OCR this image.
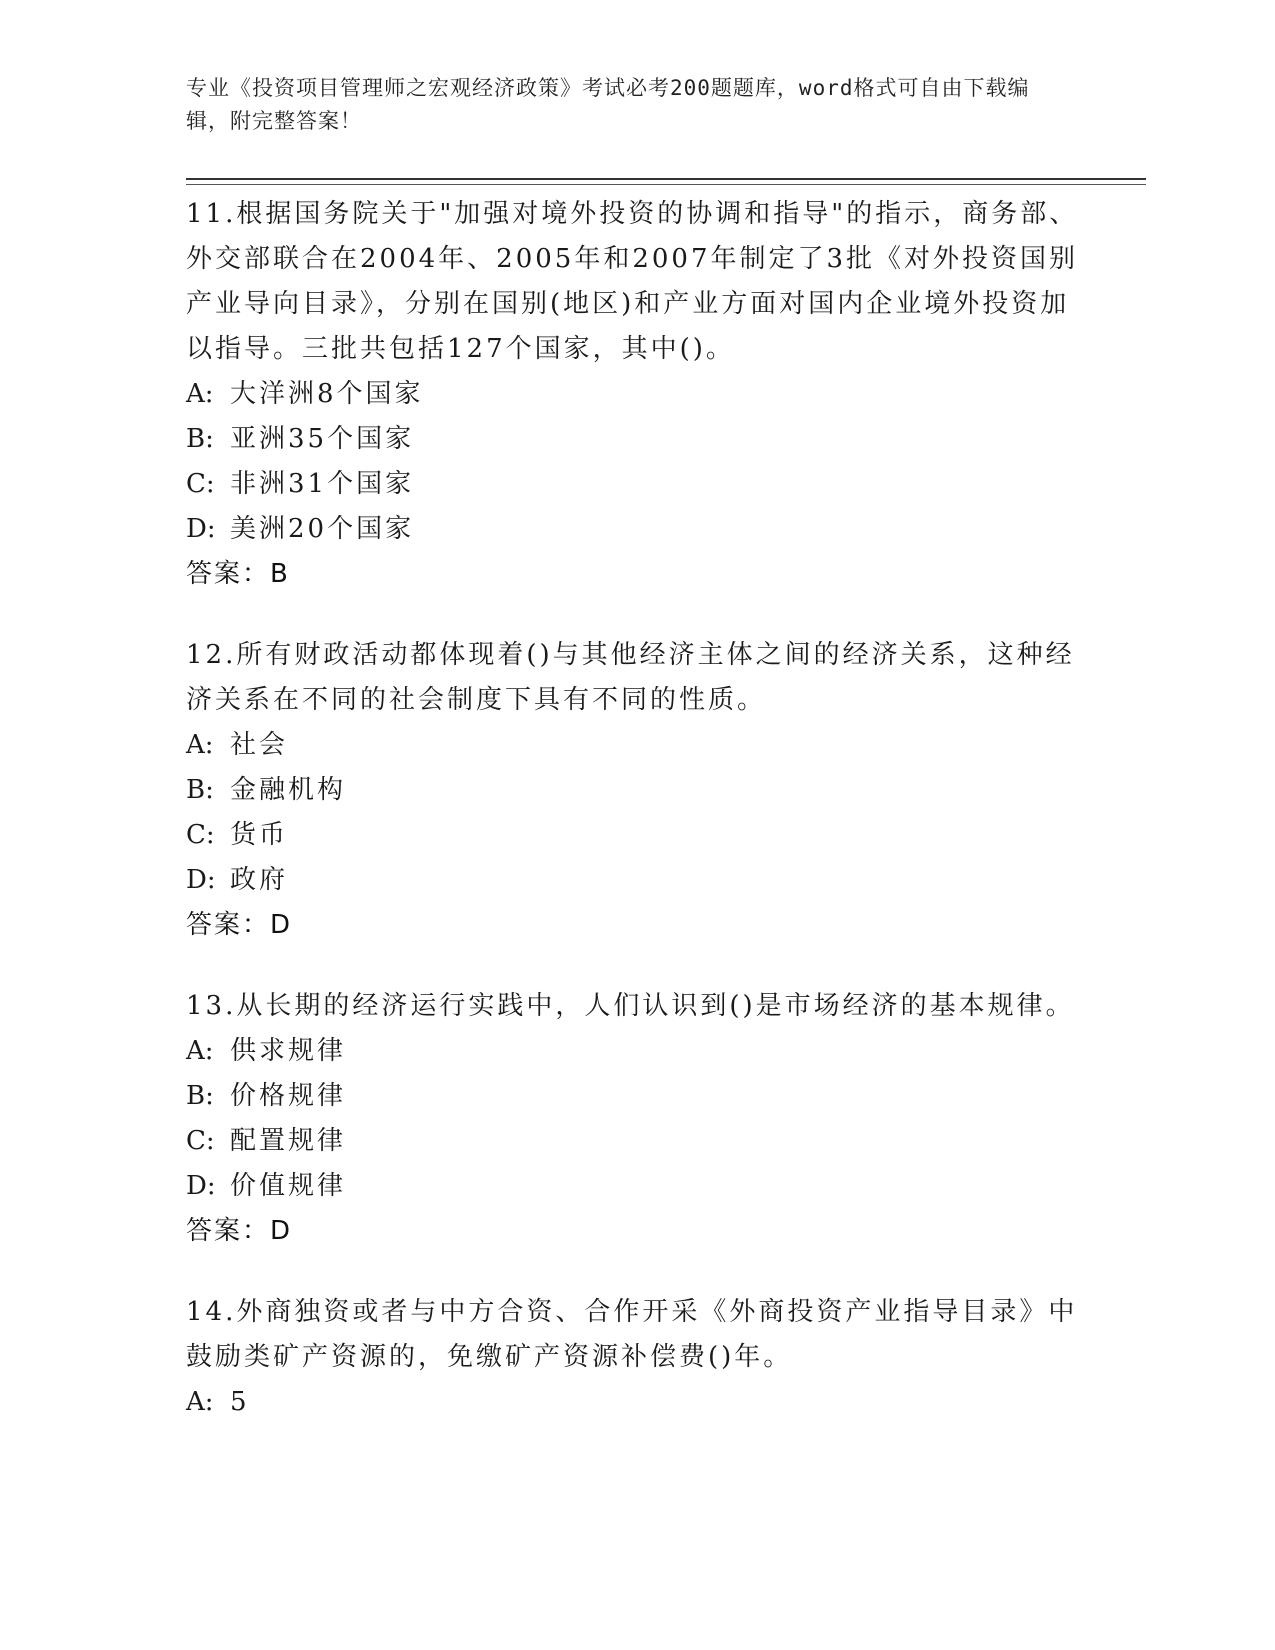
专业《投资项目管理师之宏观经济政策》考试必考200题题库，word格式可自由下载编辑，附完整答案！
11.根据国务院关于"加强对境外投资的协调和指导"的指示，商务部、外交部联合在2004年、2005年和2007年制定了3批《对外投资国别产业导向目录》，分别在国别(地区)和产业方面对国内企业境外投资加以指导。三批共包括127个国家，其中()。
A: 大洋洲8个国家
B: 亚洲35个国家
C: 非洲31个国家
D: 美洲20个国家
答案：B
12.所有财政活动都体现着()与其他经济主体之间的经济关系，这种经济关系在不同的社会制度下具有不同的性质。
A: 社会
B: 金融机构
C: 货币
D: 政府
答案：D
13.从长期的经济运行实践中，人们认识到()是市场经济的基本规律。
A: 供求规律
B: 价格规律
C: 配置规律
D: 价值规律
答案：D
14.外商独资或者与中方合资、合作开采《外商投资产业指导目录》中鼓励类矿产资源的，免缴矿产资源补偿费()年。
A: 5
